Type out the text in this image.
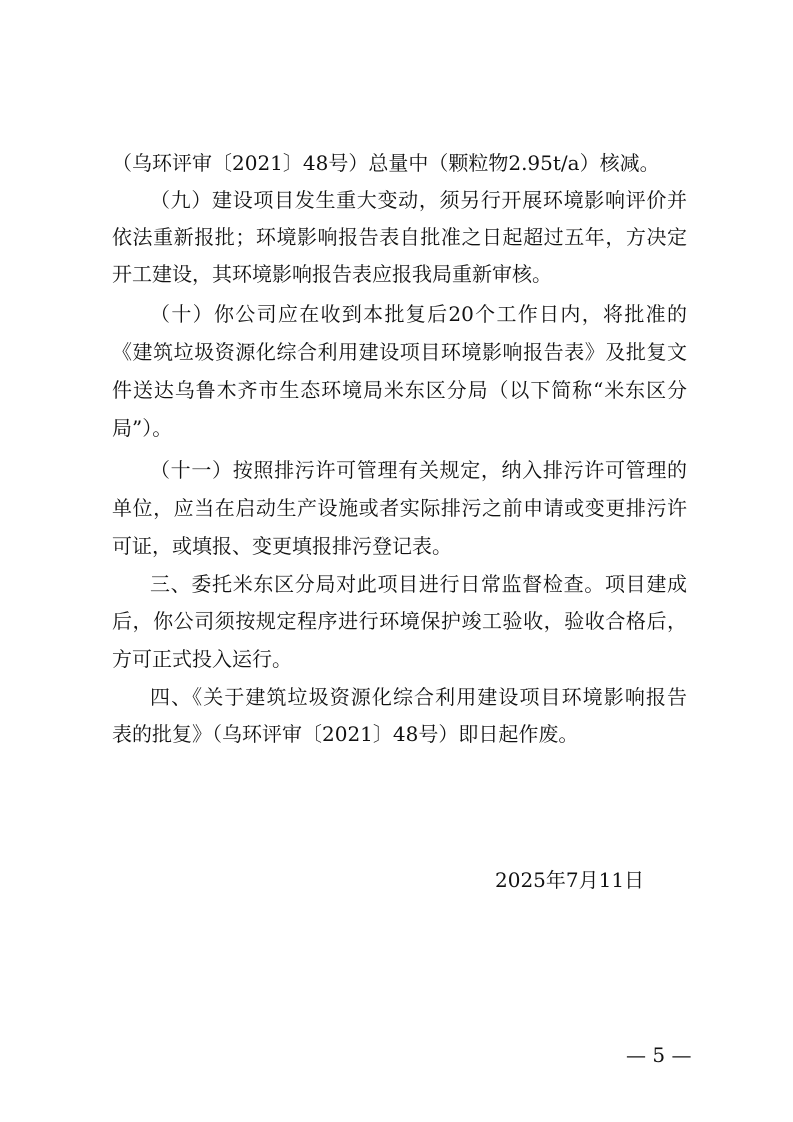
（乌环评审〔2021〕48号）总量中（颗粒物2.95t/a）核减。
（九）建设项目发生重大变动，须另行开展环境影响评价并
依法重新报批；环境影响报告表自批准之日起超过五年，方决定
开工建设，其环境影响报告表应报我局重新审核。
（十）你公司应在收到本批复后20个工作日内，将批准的
《建筑垃圾资源化综合利用建设项目环境影响报告表》及批复文
件送达乌鲁木齐市生态环境局米东区分局（以下简称“米东区分
局”）。
（十一）按照排污许可管理有关规定，纳入排污许可管理的
单位，应当在启动生产设施或者实际排污之前申请或变更排污许
可证，或填报、变更填报排污登记表。
三、委托米东区分局对此项目进行日常监督检查。项目建成
后，你公司须按规定程序进行环境保护竣工验收，验收合格后，
方可正式投入运行。
四、《关于建筑垃圾资源化综合利用建设项目环境影响报告
表的批复》（乌环评审〔2021〕48号）即日起作废。
2025年7月11日
— 5 —
